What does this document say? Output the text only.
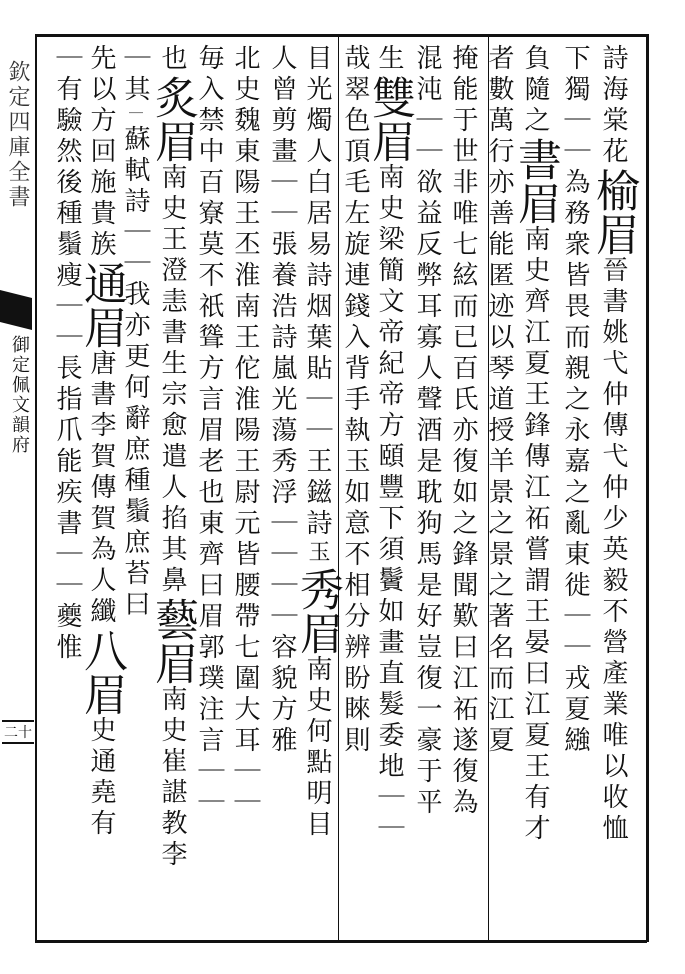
欽定四庫全書
御定佩文韻府
二十
詩海棠花榆眉晉書姚弋仲傳弋仲少英毅不營產業唯以收恤
下獨｜｜為務衆皆畏而親之永嘉之亂東徙｜｜戎夏繈
負隨之書眉南史齊江夏王鋒傳江祏嘗謂王晏曰江夏王有才
者數萬行亦善能匿迹以琴道授羊景之景之著名而江夏
掩能于世非唯七絃而已百氏亦復如之鋒聞歎曰江祏遂復為
混沌｜｜欲益反弊耳寡人聲酒是耽狗馬是好豈復一豪于平
生雙眉南史梁簡文帝紀帝方頤豐下須鬢如畫直髮委地｜｜
哉翠色頂毛左旋連錢入背手執玉如意不相分辨盼睞則
目光燭人白居易詩烟葉貼｜｜王鎡詩玉秀眉南史何點明目
人曾剪畫｜｜張養浩詩嵐光蕩秀浮｜｜｜｜容貌方雅
北史魏東陽王丕淮南王佗淮陽王尉元皆腰帶七圍大耳｜｜
毎入禁中百寮莫不祇聳方言眉老也東齊曰眉郭璞注言｜｜
也炙眉南史王澄恚書生宗愈遣人掐其鼻藝眉南史崔諶教李
｜其｜蘇軾詩｜｜我亦更何辭庶種鬚庶苔曰
先以方回施貴族通眉唐書李賀傳賀為人纖八眉史通堯有
｜有驗然後種鬚瘦｜｜長指爪能疾書｜｜夔惟
